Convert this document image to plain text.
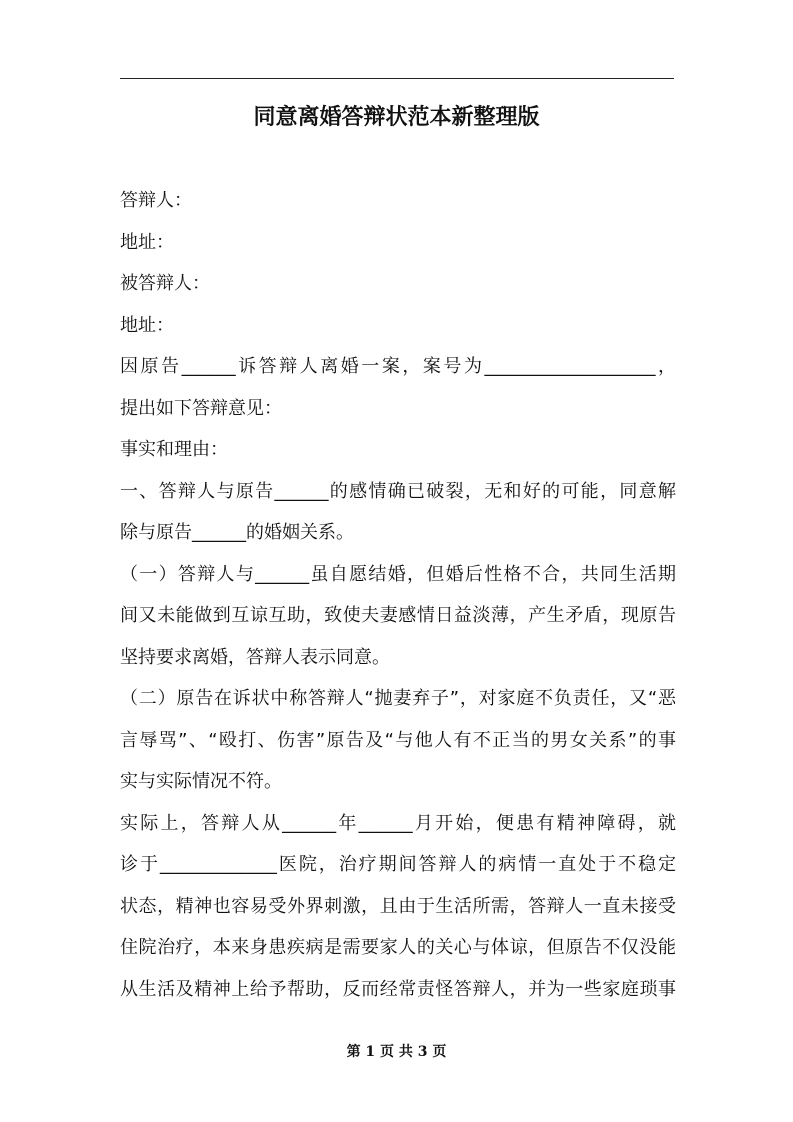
同意离婚答辩状范本新整理版
答辩人：
地址：
被答辩人：
地址：
因原告______诉答辩人离婚一案，案号为___________________，
提出如下答辩意见：
事实和理由：
一、答辩人与原告______的感情确已破裂，无和好的可能，同意解
除与原告______的婚姻关系。
（一）答辩人与______虽自愿结婚，但婚后性格不合，共同生活期
间又未能做到互谅互助，致使夫妻感情日益淡薄，产生矛盾，现原告
坚持要求离婚，答辩人表示同意。
（二）原告在诉状中称答辩人“抛妻弃子”，对家庭不负责任，又“恶
言辱骂”、“殴打、伤害”原告及“与他人有不正当的男女关系”的事
实与实际情况不符。
实际上，答辩人从______年______月开始，便患有精神障碍，就
诊于_____________医院，治疗期间答辩人的病情一直处于不稳定
状态，精神也容易受外界刺激，且由于生活所需，答辩人一直未接受
住院治疗，本来身患疾病是需要家人的关心与体谅，但原告不仅没能
从生活及精神上给予帮助，反而经常责怪答辩人，并为一些家庭琐事
第 1 页 共 3 页
